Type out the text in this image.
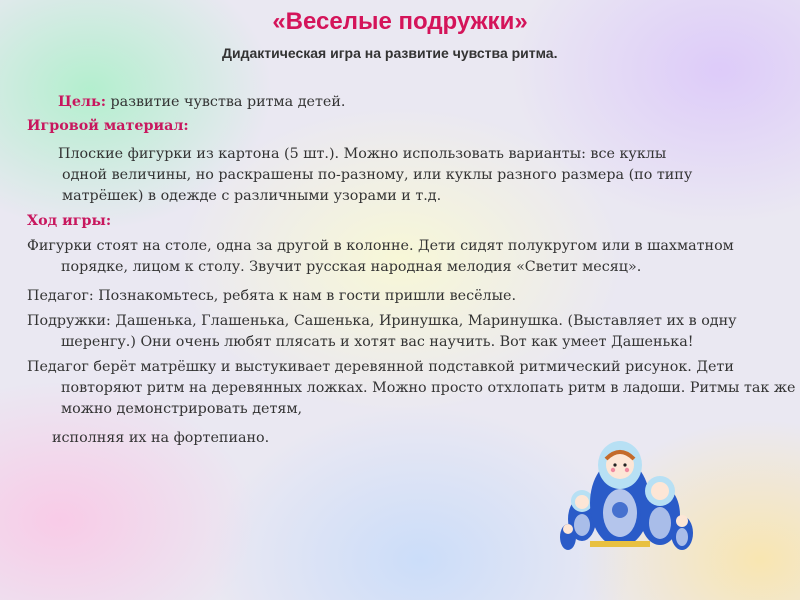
«Веселые подружки»
Дидактическая игра на развитие чувства ритма.
Цель: развитие чувства ритма детей.
Игровой материал:
Плоские фигурки из картона (5 шт.). Можно использовать варианты: все куклы одной величины, но раскрашены по-разному, или куклы разного размера (по типу матрёшек) в одежде с различными узорами и т.д.
Ход игры:
Фигурки стоят на столе, одна за другой в колонне. Дети сидят полукругом или в шахматном порядке, лицом к столу. Звучит русская народная мелодия «Светит месяц».
Педагог: Познакомьтесь, ребята к нам в гости пришли весёлые.
Подружки: Дашенька, Глашенька, Сашенька, Иринушка, Маринушка. (Выставляет их в одну шеренгу.) Они очень любят плясать и хотят вас научить. Вот как умеет Дашенька!
Педагог берёт матрёшку и выстукивает деревянной подставкой ритмический рисунок. Дети повторяют ритм на деревянных ложках. Можно просто отхлопать ритм в ладоши. Ритмы так же можно демонстрировать детям,
исполняя их на фортепиано.
